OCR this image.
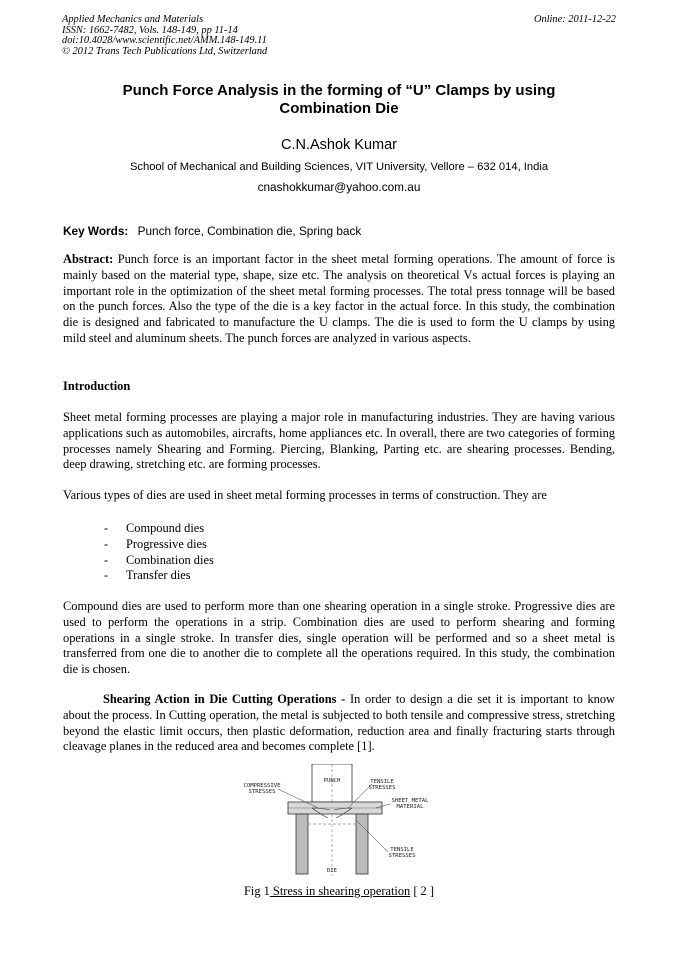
Applied Mechanics and Materials
ISSN: 1662-7482, Vols. 148-149, pp 11-14
doi:10.4028/www.scientific.net/AMM.148-149.11
© 2012 Trans Tech Publications Ltd, Switzerland
Online: 2011-12-22
Punch Force Analysis in the forming of “U” Clamps by using Combination Die
C.N.Ashok Kumar
School of Mechanical and Building Sciences, VIT University, Vellore – 632 014, India
cnashokkumar@yahoo.com.au
Key Words: Punch force, Combination die, Spring back
Abstract: Punch force is an important factor in the sheet metal forming operations. The amount of force is mainly based on the material type, shape, size etc. The analysis on theoretical Vs actual forces is playing an important role in the optimization of the sheet metal forming processes. The total press tonnage will be based on the punch forces. Also the type of the die is a key factor in the actual force. In this study, the combination die is designed and fabricated to manufacture the U clamps. The die is used to form the U clamps by using mild steel and aluminum sheets. The punch forces are analyzed in various aspects.
Introduction
Sheet metal forming processes are playing a major role in manufacturing industries. They are having various applications such as automobiles, aircrafts, home appliances etc. In overall, there are two categories of forming processes namely Shearing and Forming. Piercing, Blanking, Parting etc. are shearing processes. Bending, deep drawing, stretching etc. are forming processes.
Various types of dies are used in sheet metal forming processes in terms of construction. They are
- Compound dies
- Progressive dies
- Combination dies
- Transfer dies
Compound dies are used to perform more than one shearing operation in a single stroke. Progressive dies are used to perform the operations in a strip. Combination dies are used to perform shearing and forming operations in a single stroke. In transfer dies, single operation will be performed and so a sheet metal is transferred from one die to another die to complete all the operations required. In this study, the combination die is chosen.
Shearing Action in Die Cutting Operations - In order to design a die set it is important to know about the process. In Cutting operation, the metal is subjected to both tensile and compressive stress, stretching beyond the elastic limit occurs, then plastic deformation, reduction area and finally fracturing starts through cleavage planes in the reduced area and becomes complete [1].
PUNCH
DIE
COMPRESSIVE
STRESSES
TENSILE
STRESSES
SHEET METAL
MATERIAL
TENSILE
STRESSES
Fig 1 Stress in shearing operation [ 2 ]
